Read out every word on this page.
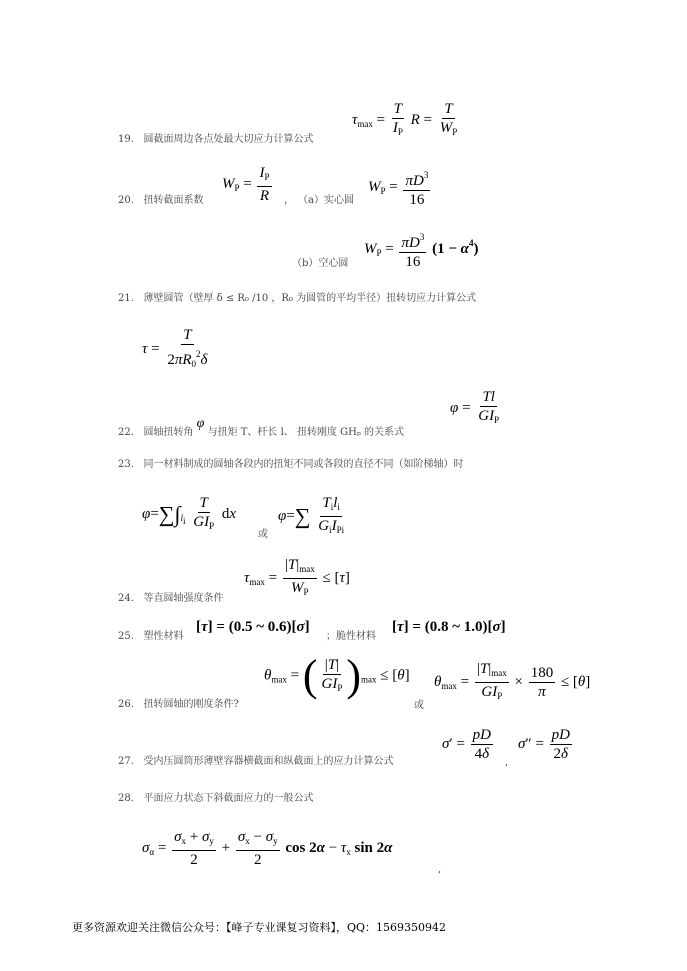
$\tau_{max} = \frac{T}{I_P}$ $R = \frac{T}{W_P}$
19. 圆截面周边各点处最大切应力计算公式
$W_P = \frac{I_P}{R}$	$W_P = \frac{\pi D^3}{16}$
20. 扭转截面系数	， （a）实心圆
$W_P = \frac{\pi D^3}{16} (1 - \alpha^4)$
（b）空心圆
21. 薄壁圆管（壁厚 δ ≤ R₀ /10 ，R₀ 为圆管的平均半径）扭转切应力计算公式
$\tau = \frac{T}{2\pi R_0^2\delta}$
$\varphi = \frac{Tl}{GI_P}$
22. 圆轴扭转角 φ 与扭矩 T、杆长 l、 扭转刚度 GHₚ 的关系式
23. 同一材料制成的圆轴各段内的扭矩不同或各段的直径不同（如阶梯轴）时
$\varphi=\sum\int_{l_i} \frac{T}{GI_P}$ dx
或
$\varphi=\sum \frac{T_il_i}{G_iI_{Pi}}$
$\tau_{max} = \frac{|T|_{max}}{W_P} \le [\tau]$
24. 等直圆轴强度条件
25. 塑性材料
[τ] = (0.5 ~ 0.6)[σ]
；脆性材料
[τ] = (0.8 ~ 1.0)[σ]
$\theta_{max}$ = ( $\frac{|T|}{GI_P} )_{max} \le [\theta]$
或
$\theta_{max} = \frac{|T|_{max}}{GI_P} \times \frac{180}{\pi} \le [\theta]$
26. 扭转圆轴的刚度条件?
$\sigma' = \frac{pD}{4\delta}$ ,
$\sigma'' = \frac{pD}{2\delta}$
27. 受内压圆筒形薄壁容器横截面和纵截面上的应力计算公式
28. 平面应力状态下斜截面应力的一般公式
$\sigma_\alpha = \frac{\sigma_x + \sigma_y}{2} + \frac{\sigma_x - \sigma_y}{2}$ $\cos 2\alpha - \tau_x$ sin 2α
,
更多资源欢迎关注微信公众号：【峰子专业课复习资料】，QQ：1569350942
